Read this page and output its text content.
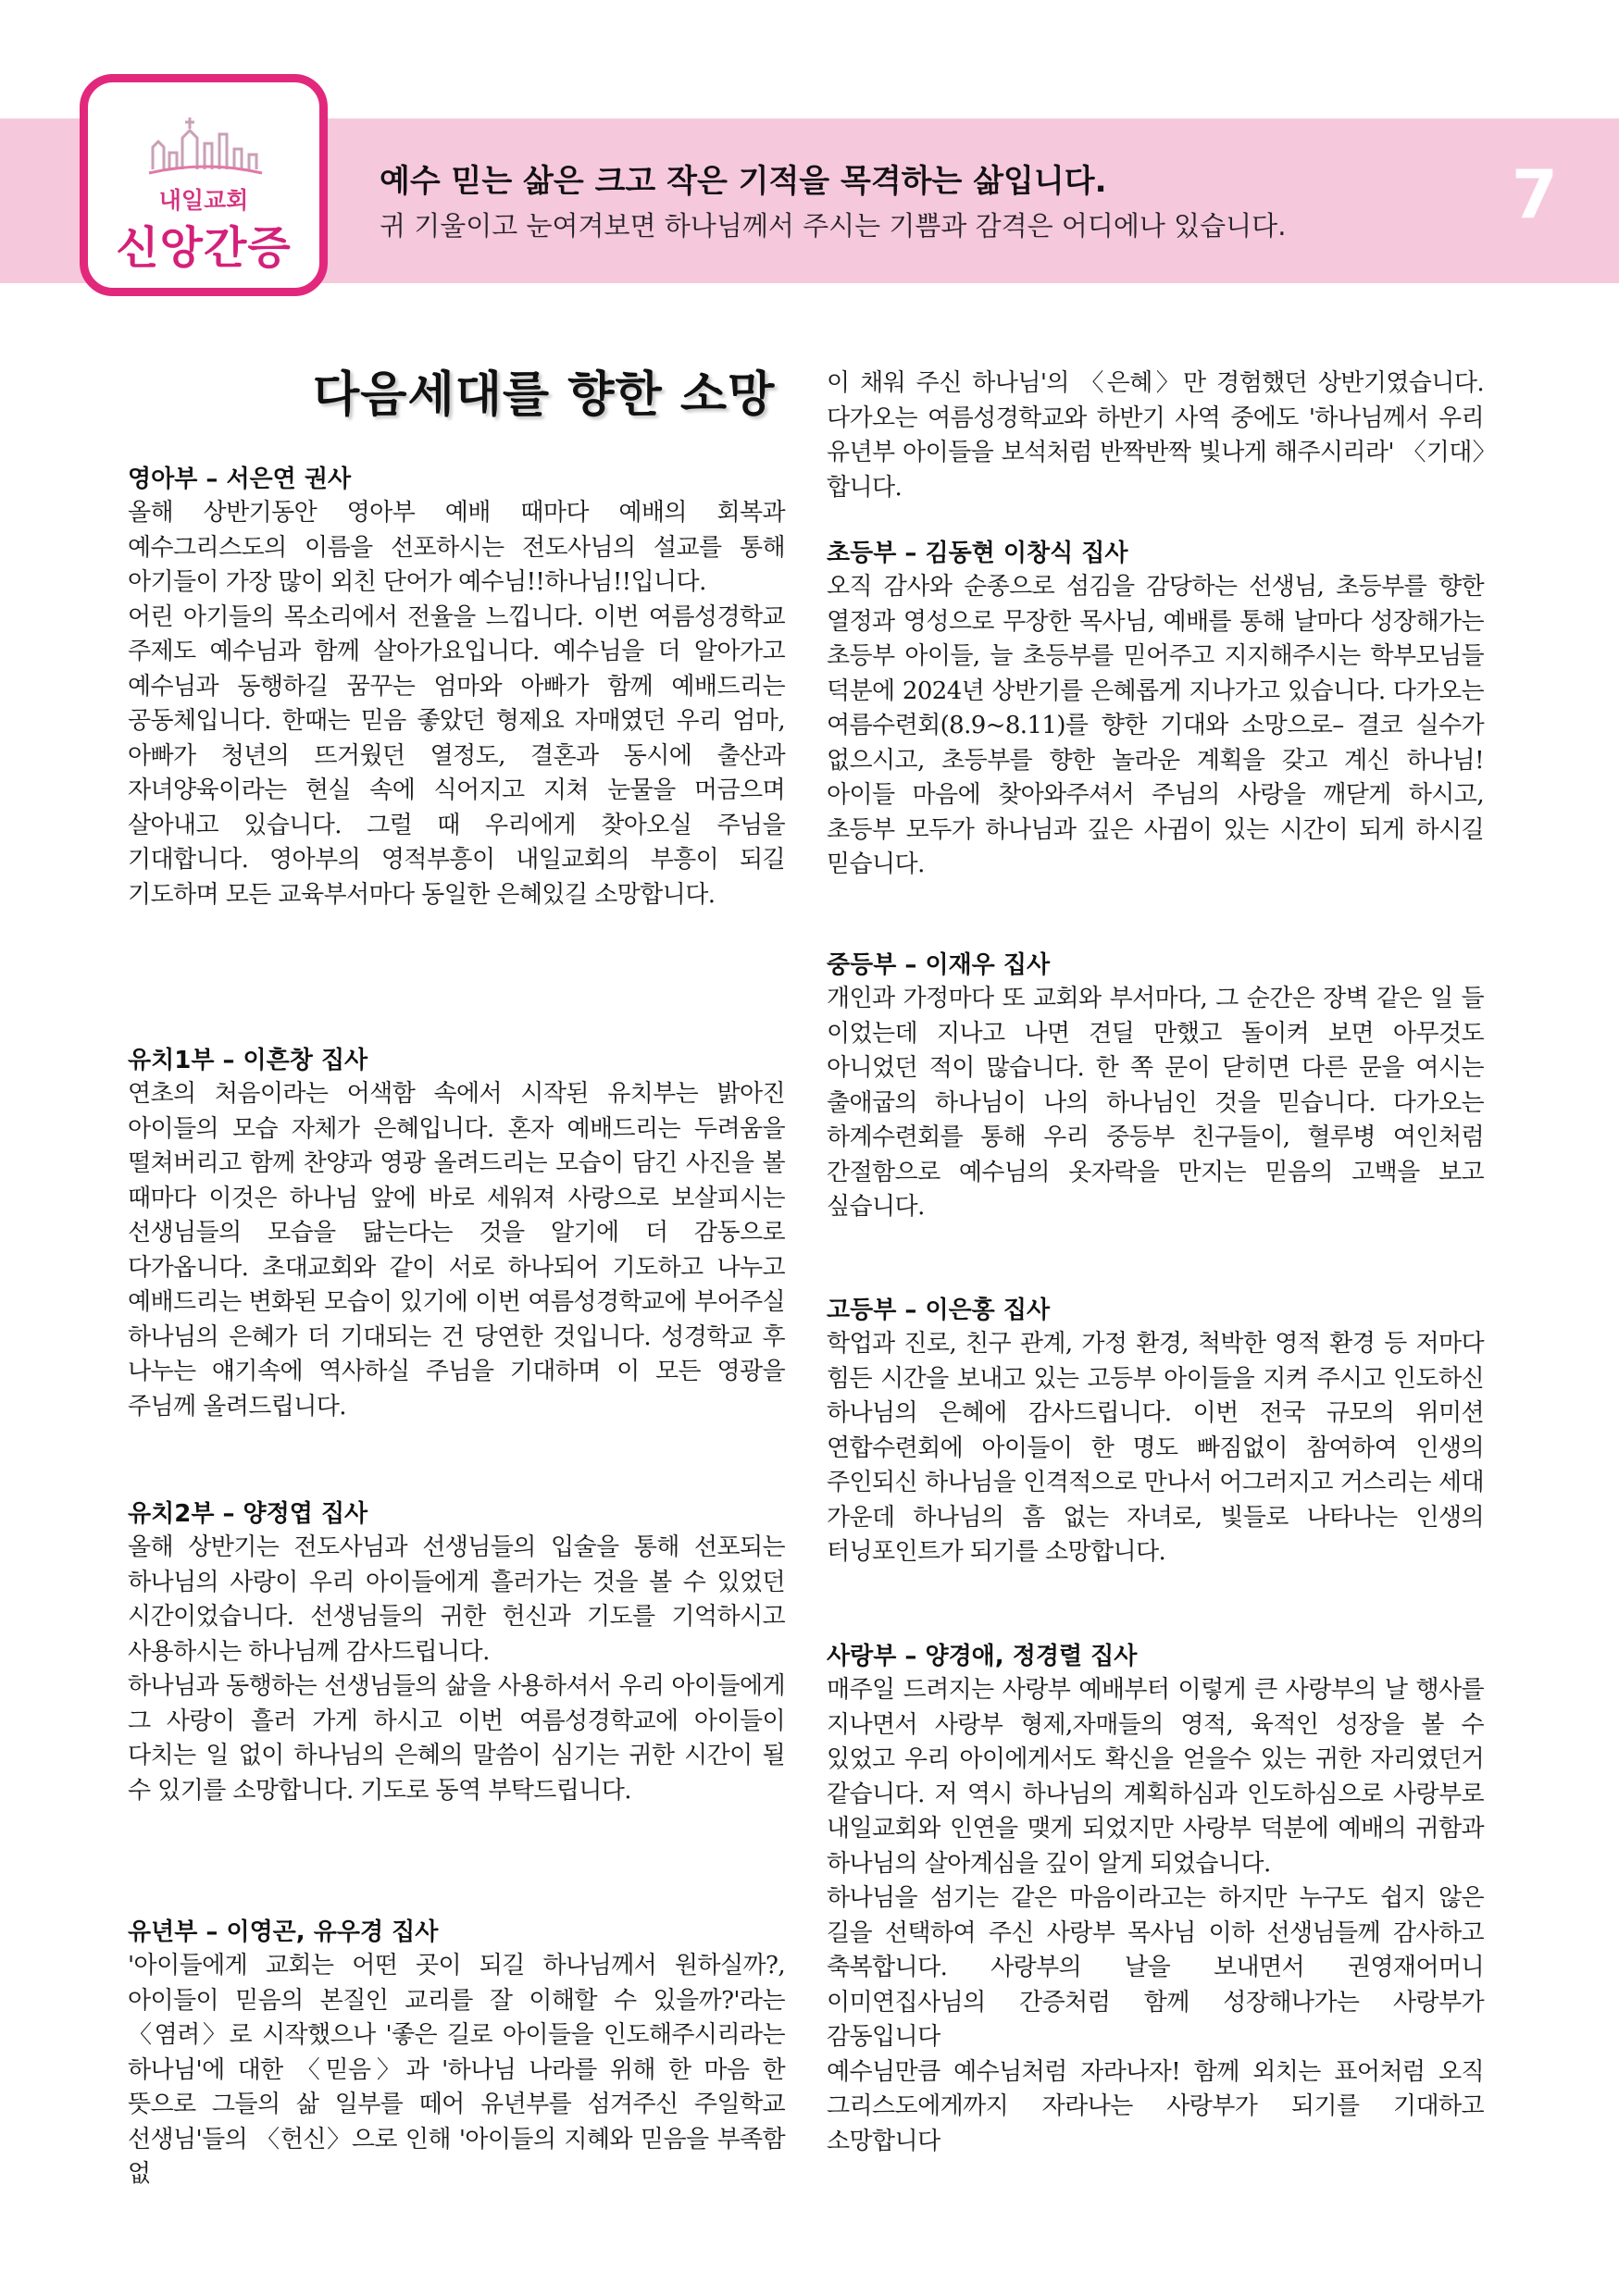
내일교회
신앙간증
예수 믿는 삶은 크고 작은 기적을 목격하는 삶입니다.
귀 기울이고 눈여겨보면 하나님께서 주시는 기쁨과 감격은 어디에나 있습니다.	7
다음세대를 향한 소망

영아부 – 서은연 권사

올해 상반기동안 영아부 예배 때마다 예배의 회복과 예수그리스도의 이름을 선포하시는 전도사님의 설교를 통해 아기들이 가장 많이 외친 단어가 예수님!!하나님!!입니다.
어린 아기들의 목소리에서 전율을 느낍니다. 이번 여름성경학교 주제도 예수님과 함께 살아가요입니다. 예수님을 더 알아가고 예수님과 동행하길 꿈꾸는 엄마와 아빠가 함께 예배드리는 공동체입니다. 한때는 믿음 좋았던 형제요 자매였던 우리 엄마,아빠가 청년의 뜨거웠던 열정도, 결혼과 동시에 출산과 자녀양육이라는 현실 속에 식어지고 지쳐 눈물을 머금으며 살아내고 있습니다. 그럴 때 우리에게 찾아오실 주님을 기대합니다. 영아부의 영적부흥이 내일교회의 부흥이 되길 기도하며 모든 교육부서마다 동일한 은혜있길 소망합니다.

유치1부 – 이흔창 집사

연초의 처음이라는 어색함 속에서 시작된 유치부는 밝아진 아이들의 모습 자체가 은혜입니다. 혼자 예배드리는 두려움을 떨쳐버리고 함께 찬양과 영광 올려드리는 모습이 담긴 사진을 볼 때마다 이것은 하나님 앞에 바로 세워져 사랑으로 보살피시는 선생님들의 모습을 닮는다는 것을 알기에 더 감동으로 다가옵니다. 초대교회와 같이 서로 하나되어 기도하고 나누고 예배드리는 변화된 모습이 있기에 이번 여름성경학교에 부어주실 하나님의 은혜가 더 기대되는 건 당연한 것입니다. 성경학교 후 나누는 얘기속에 역사하실 주님을 기대하며 이 모든 영광을 주님께 올려드립니다.

유치2부 – 양정엽 집사

올해 상반기는 전도사님과 선생님들의 입술을 통해 선포되는 하나님의 사랑이 우리 아이들에게 흘러가는 것을 볼 수 있었던 시간이었습니다. 선생님들의 귀한 헌신과 기도를 기억하시고 사용하시는 하나님께 감사드립니다.
하나님과 동행하는 선생님들의 삶을 사용하셔서 우리 아이들에게 그 사랑이 흘러 가게 하시고 이번 여름성경학교에 아이들이 다치는 일 없이 하나님의 은혜의 말씀이 심기는 귀한 시간이 될 수 있기를 소망합니다. 기도로 동역 부탁드립니다.

유년부 – 이영곤, 유우경 집사

'아이들에게 교회는 어떤 곳이 되길 하나님께서 원하실까?, 아이들이 믿음의 본질인 교리를 잘 이해할 수 있을까?'라는 〈염려〉로 시작했으나 '좋은 길로 아이들을 인도해주시리라는 하나님'에 대한 〈믿음〉과 '하나님 나라를 위해 한 마음 한 뜻으로 그들의 삶 일부를 떼어 유년부를 섬겨주신 주일학교 선생님'들의 〈헌신〉으로 인해 '아이들의 지혜와 믿음을 부족함 없

이 채워 주신 하나님'의 〈은혜〉만 경험했던 상반기였습니다. 다가오는 여름성경학교와 하반기 사역 중에도 '하나님께서 우리 유년부 아이들을 보석처럼 반짝반짝 빛나게 해주시리라' 〈기대〉합니다.

초등부 – 김동현 이창식 집사

오직 감사와 순종으로 섬김을 감당하는 선생님, 초등부를 향한 열정과 영성으로 무장한 목사님, 예배를 통해 날마다 성장해가는 초등부 아이들, 늘 초등부를 믿어주고 지지해주시는 학부모님들 덕분에 2024년 상반기를 은혜롭게 지나가고 있습니다. 다가오는 여름수련회(8.9~8.11)를 향한 기대와 소망으로– 결코 실수가 없으시고, 초등부를 향한 놀라운 계획을 갖고 계신 하나님! 아이들 마음에 찾아와주셔서 주님의 사랑을 깨닫게 하시고, 초등부 모두가 하나님과 깊은 사귐이 있는 시간이 되게 하시길 믿습니다.

중등부 – 이재우 집사

개인과 가정마다 또 교회와 부서마다, 그 순간은 장벽 같은 일 들 이었는데 지나고 나면 견딜 만했고 돌이켜 보면 아무것도 아니었던 적이 많습니다. 한 쪽 문이 닫히면 다른 문을 여시는 출애굽의 하나님이 나의 하나님인 것을 믿습니다. 다가오는 하계수련회를 통해 우리 중등부 친구들이, 혈루병 여인처럼 간절함으로 예수님의 옷자락을 만지는 믿음의 고백을 보고 싶습니다.

고등부 – 이은홍 집사

학업과 진로, 친구 관계, 가정 환경, 척박한 영적 환경 등 저마다 힘든 시간을 보내고 있는 고등부 아이들을 지켜 주시고 인도하신 하나님의 은혜에 감사드립니다. 이번 전국 규모의 위미션 연합수련회에 아이들이 한 명도 빠짐없이 참여하여 인생의 주인되신 하나님을 인격적으로 만나서 어그러지고 거스리는 세대 가운데 하나님의 흠 없는 자녀로, 빛들로 나타나는 인생의 터닝포인트가 되기를 소망합니다.

사랑부 – 양경애, 정경렬 집사

매주일 드려지는 사랑부 예배부터 이렇게 큰 사랑부의 날 행사를 지나면서 사랑부 형제,자매들의 영적, 육적인 성장을 볼 수 있었고 우리 아이에게서도 확신을 얻을수 있는 귀한 자리였던거 같습니다. 저 역시 하나님의 계획하심과 인도하심으로 사랑부로 내일교회와 인연을 맺게 되었지만 사랑부 덕분에 예배의 귀함과 하나님의 살아계심을 깊이 알게 되었습니다.
하나님을 섬기는 같은 마음이라고는 하지만 누구도 쉽지 않은 길을 선택하여 주신 사랑부 목사님 이하 선생님들께 감사하고 축복합니다. 사랑부의 날을 보내면서 권영재어머니 이미연집사님의 간증처럼 함께 성장해나가는 사랑부가 감동입니다
예수님만큼 예수님처럼 자라나자! 함께 외치는 표어처럼 오직 그리스도에게까지 자라나는 사랑부가 되기를 기대하고 소망합니다
